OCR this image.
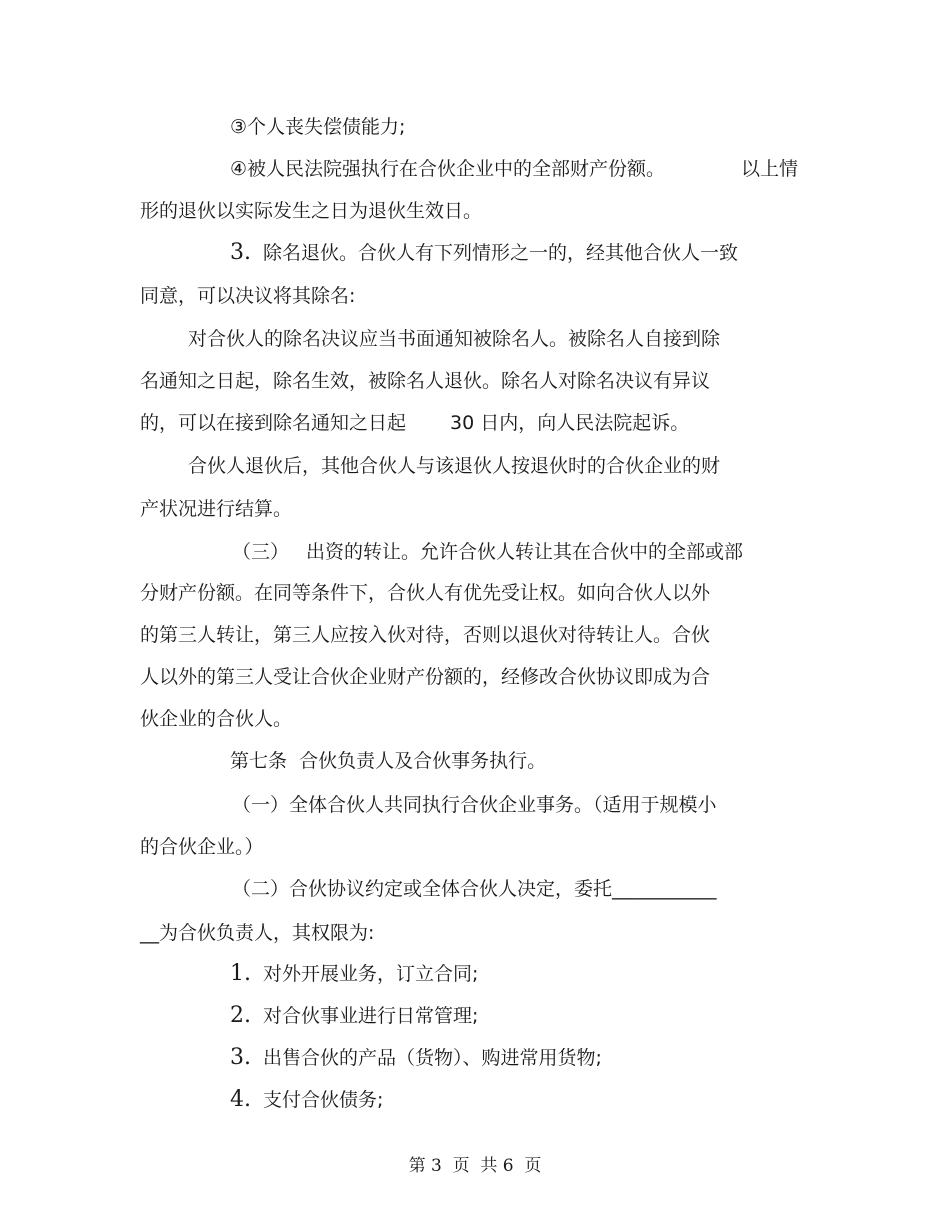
③个人丧失偿债能力;
④被人民法院强执行在合伙企业中的全部财产份额。	以上情
形的退伙以实际发生之日为退伙生效日。
3. 除名退伙。合伙人有下列情形之一的，经其他合伙人一致
同意，可以决议将其除名:
对合伙人的除名决议应当书面通知被除名人。被除名人自接到除
名通知之日起，除名生效，被除名人退伙。除名人对除名决议有异议
的，可以在接到除名通知之日起 30 日内，向人民法院起诉。
合伙人退伙后，其他合伙人与该退伙人按退伙时的合伙企业的财
产状况进行结算。
（三） 出资的转让。允许合伙人转让其在合伙中的全部或部
分财产份额。在同等条件下，合伙人有优先受让权。如向合伙人以外
的第三人转让，第三人应按入伙对待，否则以退伙对待转让人。合伙
人以外的第三人受让合伙企业财产份额的，经修改合伙协议即成为合
伙企业的合伙人。
第七条  合伙负责人及合伙事务执行。
（一）全体合伙人共同执行合伙企业事务。（适用于规模小
的合伙企业。）
（二）合伙协议约定或全体合伙人决定，委托___________
__为合伙负责人，其权限为:
1. 对外开展业务，订立合同;
2. 对合伙事业进行日常管理;
3. 出售合伙的产品（货物）、购进常用货物;
4. 支付合伙债务;
第 3  页  共 6  页
